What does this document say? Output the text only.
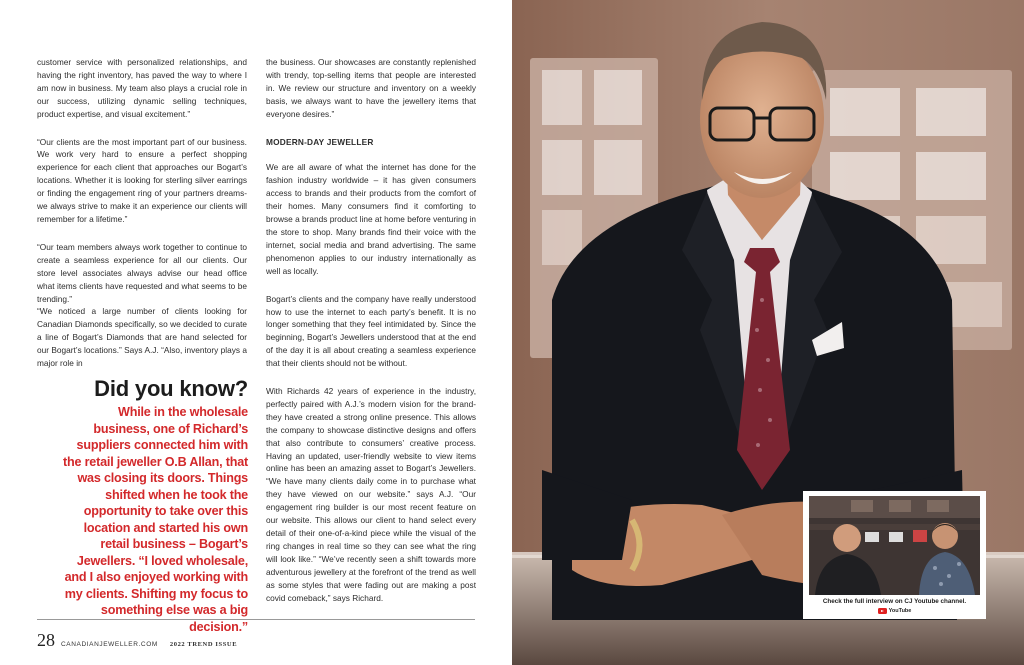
customer service with personalized relationships, and having the right inventory, has paved the way to where I am now in business. My team also plays a crucial role in our success, utilizing dynamic selling techniques, product expertise, and visual excitement.”

“Our clients are the most important part of our business. We work very hard to ensure a perfect shopping experience for each client that approaches our Bogart’s locations. Whether it is looking for sterling silver earrings or finding the engagement ring of your partners dreams- we always strive to make it an experience our clients will remember for a lifetime.”

“Our team members always work together to continue to create a seamless experience for all our clients. Our store level associates always advise our head office what items clients have requested and what seems to be trending.”

“We noticed a large number of clients looking for Canadian Diamonds specifically, so we decided to curate a line of Bogart’s Diamonds that are hand selected for our Bogart’s locations.” Says A.J. “Also, inventory plays a major role in

the business. Our showcases are constantly replenished with trendy, top-selling items that people are interested in. We review our structure and inventory on a weekly basis, we always want to have the jewellery items that everyone desires.”

MODERN-DAY JEWELLER

We are all aware of what the internet has done for the fashion industry worldwide – it has given consumers access to brands and their products from the comfort of their homes. Many consumers find it comforting to browse a brands product line at home before venturing in the store to shop. Many brands find their voice with the internet, social media and brand advertising. The same phenomenon applies to our industry internationally as well as locally.

Bogart’s clients and the company have really understood how to use the internet to each party’s benefit. It is no longer something that they feel intimidated by. Since the beginning, Bogart’s Jewellers understood that at the end of the day it is all about creating a seamless experience that their clients should not be without.

With Richards 42 years of experience in the industry, perfectly paired with A.J.’s modern vision for the brand- they have created a strong online presence. This allows the company to showcase distinctive designs and offers that also contribute to consumers’ creative process. Having an updated, user-friendly website to view items online has been an amazing asset to Bogart’s Jewellers. “We have many clients daily come in to purchase what they have viewed on our website.” says A.J. “Our engagement ring builder is our most recent feature on our website. This allows our client to hand select every detail of their one-of-a-kind piece while the visual of the ring changes in real time so they can see what the ring will look like.” “We’ve recently seen a shift towards more adventurous jewellery at the forefront of the trend as well as some styles that were fading out are making a post covid comeback,” says Richard.

Did you know?

While in the wholesale business, one of Richard’s suppliers connected him with the retail jeweller O.B Allan, that was closing its doors. Things shifted when he took the opportunity to take over this location and started his own retail business – Bogart’s Jewellers. “I loved wholesale, and I also enjoyed working with my clients. Shifting my focus to something else was a big decision.”

28 CANADIANJEWELLER.COM 2022 TREND ISSUE
Check the full interview on CJ Youtube channel.
YouTube
